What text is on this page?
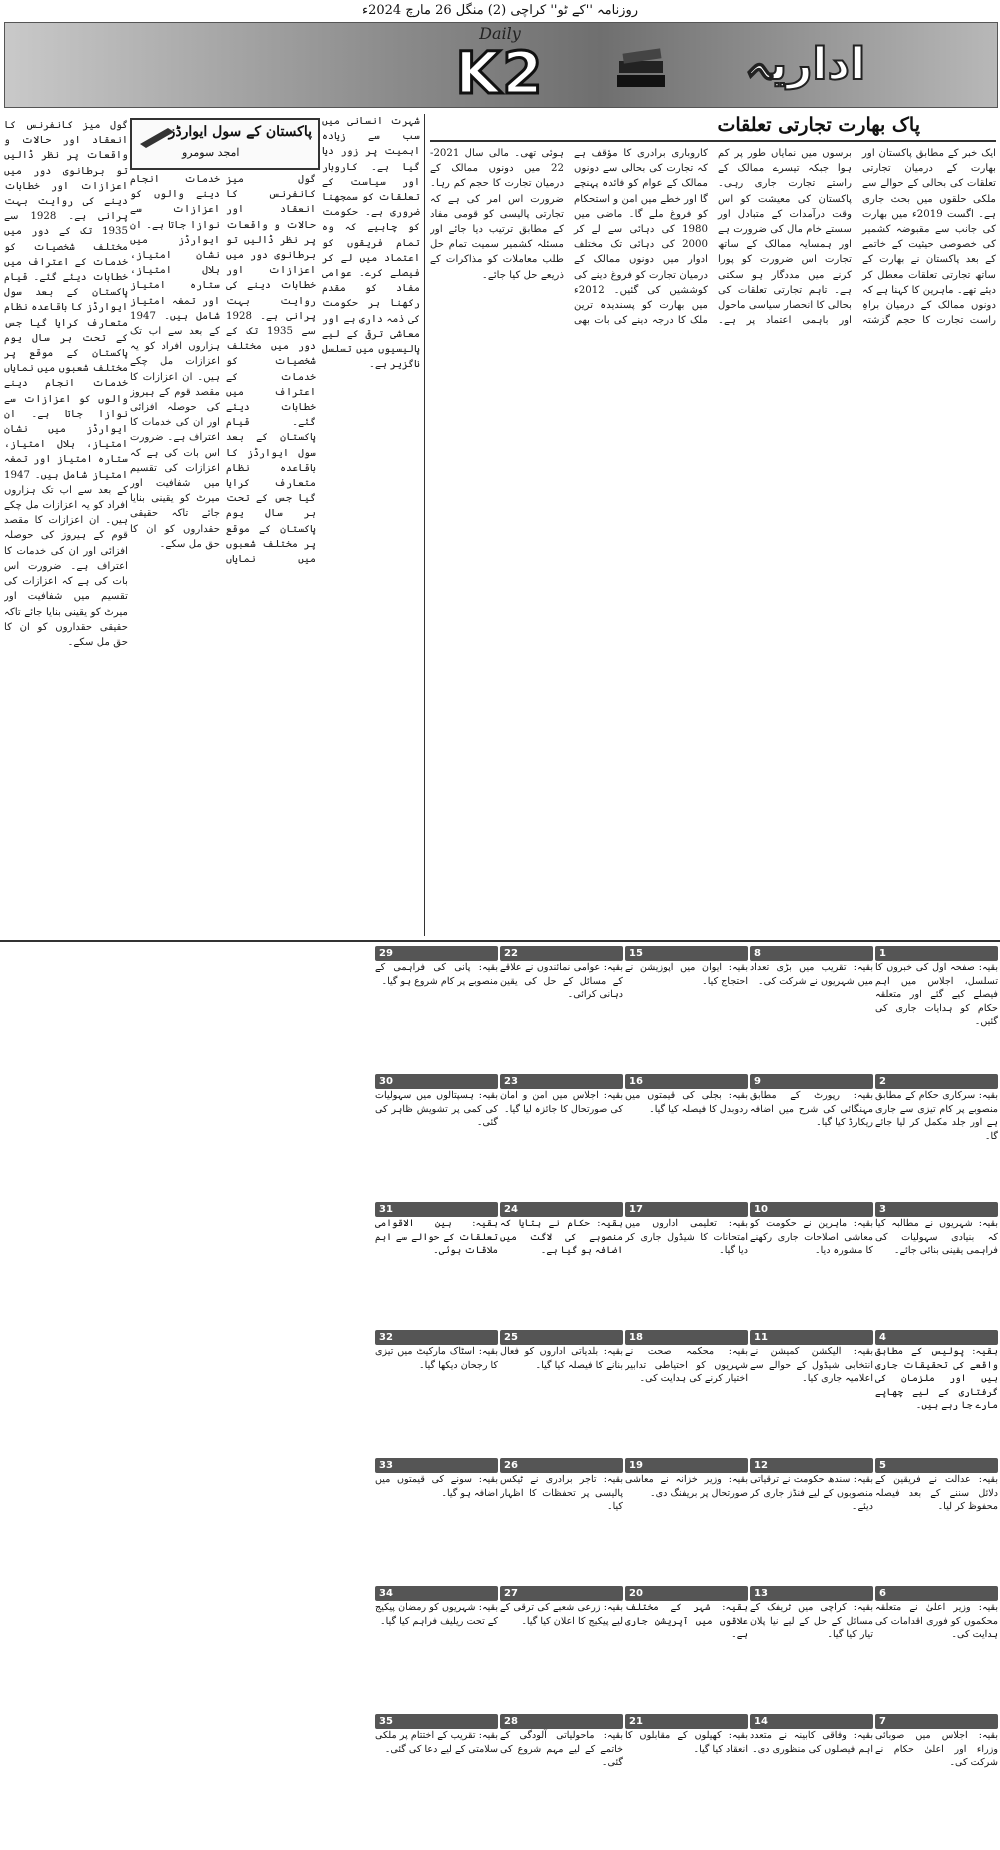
روزنامہ ''کے ٹو'' کراچی (2) منگل 26 مارچ 2024ء
Daily
K2	اداریہ
پاک بھارت تجارتی تعلقات
ایک خبر کے مطابق پاکستان اور بھارت کے درمیان تجارتی تعلقات کی بحالی کے حوالے سے ملکی حلقوں میں بحث جاری ہے۔ اگست 2019ء میں بھارت کی جانب سے مقبوضہ کشمیر کی خصوصی حیثیت کے خاتمے کے بعد پاکستان نے بھارت کے ساتھ تجارتی تعلقات معطل کر دیئے تھے۔ ماہرین کا کہنا ہے کہ دونوں ممالک کے درمیان براہِ راست تجارت کا حجم گزشتہ برسوں میں نمایاں طور پر کم ہوا جبکہ تیسرے ممالک کے راستے تجارت جاری رہی۔ پاکستان کی معیشت کو اس وقت درآمدات کے متبادل اور سستے خام مال کی ضرورت ہے اور ہمسایہ ممالک کے ساتھ تجارت اس ضرورت کو پورا کرنے میں مددگار ہو سکتی ہے۔ تاہم تجارتی تعلقات کی بحالی کا انحصار سیاسی ماحول اور باہمی اعتماد پر ہے۔ کاروباری برادری کا مؤقف ہے کہ تجارت کی بحالی سے دونوں ممالک کے عوام کو فائدہ پہنچے گا اور خطے میں امن و استحکام کو فروغ ملے گا۔ ماضی میں 1980 کی دہائی سے لے کر 2000 کی دہائی تک مختلف ادوار میں دونوں ممالک کے درمیان تجارت کو فروغ دینے کی کوششیں کی گئیں۔ 2012ء میں بھارت کو پسندیدہ ترین ملک کا درجہ دینے کی بات بھی ہوئی تھی۔ مالی سال 2021-22 میں دونوں ممالک کے درمیان تجارت کا حجم کم رہا۔ ضرورت اس امر کی ہے کہ تجارتی پالیسی کو قومی مفاد کے مطابق ترتیب دیا جائے اور مسئلہ کشمیر سمیت تمام حل طلب معاملات کو مذاکرات کے ذریعے حل کیا جائے۔
شہرت انسانی میں سب سے زیادہ اہمیت پر زور دیا گیا ہے۔ کاروبار اور سیاست کے تعلقات کو سمجھنا ضروری ہے۔ حکومت کو چاہیے کہ وہ تمام فریقوں کو اعتماد میں لے کر فیصلے کرے۔ عوامی مفاد کو مقدم رکھنا ہر حکومت کی ذمہ داری ہے اور معاشی ترقی کے لیے پالیسیوں میں تسلسل ناگزیر ہے۔
پاکستان کے سول ایوارڈز
امجد سومرو
گول میز کانفرنس کا انعقاد اور حالات و واقعات پر نظر ڈالیں تو برطانوی دور میں اعزازات اور خطابات دینے کی روایت بہت پرانی ہے۔ 1928 سے 1935 تک کے دور میں مختلف شخصیات کو خدمات کے اعتراف میں خطابات دیئے گئے۔ قیام پاکستان کے بعد سول ایوارڈز کا باقاعدہ نظام متعارف کرایا گیا جس کے تحت ہر سال یوم پاکستان کے موقع پر مختلف شعبوں میں نمایاں خدمات انجام دینے والوں کو اعزازات سے نوازا جاتا ہے۔ ان ایوارڈز میں نشان امتیاز، ہلال امتیاز، ستارہ امتیاز اور تمغہ امتیاز شامل ہیں۔ 1947 کے بعد سے اب تک ہزاروں افراد کو یہ اعزازات مل چکے ہیں۔ ان اعزازات کا مقصد قوم کے ہیروز کی حوصلہ افزائی اور ان کی خدمات کا اعتراف ہے۔ ضرورت اس بات کی ہے کہ اعزازات کی تقسیم میں شفافیت اور میرٹ کو یقینی بنایا جائے تاکہ حقیقی حقداروں کو ان کا حق مل سکے۔
گول میز کانفرنس کا انعقاد اور حالات و واقعات پر نظر ڈالیں تو برطانوی دور میں اعزازات اور خطابات دینے کی روایت بہت پرانی ہے۔ 1928 سے 1935 تک کے دور میں مختلف شخصیات کو خدمات کے اعتراف میں خطابات دیئے گئے۔ قیام پاکستان کے بعد سول ایوارڈز کا باقاعدہ نظام متعارف کرایا گیا جس کے تحت ہر سال یوم پاکستان کے موقع پر مختلف شعبوں میں نمایاں خدمات انجام دینے والوں کو اعزازات سے نوازا جاتا ہے۔ ان ایوارڈز میں نشان امتیاز، ہلال امتیاز، ستارہ امتیاز اور تمغہ امتیاز شامل ہیں۔ 1947 کے بعد سے اب تک ہزاروں افراد کو یہ اعزازات مل چکے ہیں۔ ان اعزازات کا مقصد قوم کے ہیروز کی حوصلہ افزائی اور ان کی خدمات کا اعتراف ہے۔ ضرورت اس بات کی ہے کہ اعزازات کی تقسیم میں شفافیت اور میرٹ کو یقینی بنایا جائے تاکہ حقیقی حقداروں کو ان کا حق مل سکے۔
1
بقیہ: صفحہ اول کی خبروں کا تسلسل، اجلاس میں اہم فیصلے کیے گئے اور متعلقہ حکام کو ہدایات جاری کی گئیں۔
2
بقیہ: سرکاری حکام کے مطابق منصوبے پر کام تیزی سے جاری ہے اور جلد مکمل کر لیا جائے گا۔
3
بقیہ: شہریوں نے مطالبہ کیا کہ بنیادی سہولیات کی فراہمی یقینی بنائی جائے۔
4
بقیہ: پولیس کے مطابق واقعے کی تحقیقات جاری ہیں اور ملزمان کی گرفتاری کے لیے چھاپے مارے جا رہے ہیں۔
5
بقیہ: عدالت نے فریقین کے دلائل سننے کے بعد فیصلہ محفوظ کر لیا۔
6
بقیہ: وزیر اعلیٰ نے متعلقہ محکموں کو فوری اقدامات کی ہدایت کی۔
7
بقیہ: اجلاس میں صوبائی وزراء اور اعلیٰ حکام نے شرکت کی۔
8
بقیہ: تقریب میں بڑی تعداد میں شہریوں نے شرکت کی۔
9
بقیہ: رپورٹ کے مطابق مہنگائی کی شرح میں اضافہ ریکارڈ کیا گیا۔
10
بقیہ: ماہرین نے حکومت کو معاشی اصلاحات جاری رکھنے کا مشورہ دیا۔
11
بقیہ: الیکشن کمیشن نے انتخابی شیڈول کے حوالے سے اعلامیہ جاری کیا۔
12
بقیہ: سندھ حکومت نے ترقیاتی منصوبوں کے لیے فنڈز جاری کر دیئے۔
13
بقیہ: کراچی میں ٹریفک کے مسائل کے حل کے لیے نیا پلان تیار کیا گیا۔
14
بقیہ: وفاقی کابینہ نے متعدد اہم فیصلوں کی منظوری دی۔
15
بقیہ: ایوان میں اپوزیشن نے احتجاج کیا۔
16
بقیہ: بجلی کی قیمتوں میں ردوبدل کا فیصلہ کیا گیا۔
17
بقیہ: تعلیمی اداروں میں امتحانات کا شیڈول جاری کر دیا گیا۔
18
بقیہ: محکمہ صحت نے شہریوں کو احتیاطی تدابیر اختیار کرنے کی ہدایت کی۔
19
بقیہ: وزیر خزانہ نے معاشی صورتحال پر بریفنگ دی۔
20
بقیہ: شہر کے مختلف علاقوں میں آپریشن جاری ہے۔
21
بقیہ: کھیلوں کے مقابلوں کا انعقاد کیا گیا۔
22
بقیہ: عوامی نمائندوں نے علاقے کے مسائل کے حل کی یقین دہانی کرائی۔
23
بقیہ: اجلاس میں امن و امان کی صورتحال کا جائزہ لیا گیا۔
24
بقیہ: حکام نے بتایا کہ منصوبے کی لاگت میں اضافہ ہو گیا ہے۔
25
بقیہ: بلدیاتی اداروں کو فعال بنانے کا فیصلہ کیا گیا۔
26
بقیہ: تاجر برادری نے ٹیکس پالیسی پر تحفظات کا اظہار کیا۔
27
بقیہ: زرعی شعبے کی ترقی کے لیے پیکیج کا اعلان کیا گیا۔
28
بقیہ: ماحولیاتی آلودگی کے خاتمے کے لیے مہم شروع کی گئی۔
29
بقیہ: پانی کی فراہمی کے منصوبے پر کام شروع ہو گیا۔
30
بقیہ: ہسپتالوں میں سہولیات کی کمی پر تشویش ظاہر کی گئی۔
31
بقیہ: بین الاقوامی تعلقات کے حوالے سے اہم ملاقات ہوئی۔
32
بقیہ: اسٹاک مارکیٹ میں تیزی کا رجحان دیکھا گیا۔
33
بقیہ: سونے کی قیمتوں میں اضافہ ہو گیا۔
34
بقیہ: شہریوں کو رمضان پیکیج کے تحت ریلیف فراہم کیا گیا۔
35
بقیہ: تقریب کے اختتام پر ملکی سلامتی کے لیے دعا کی گئی۔
